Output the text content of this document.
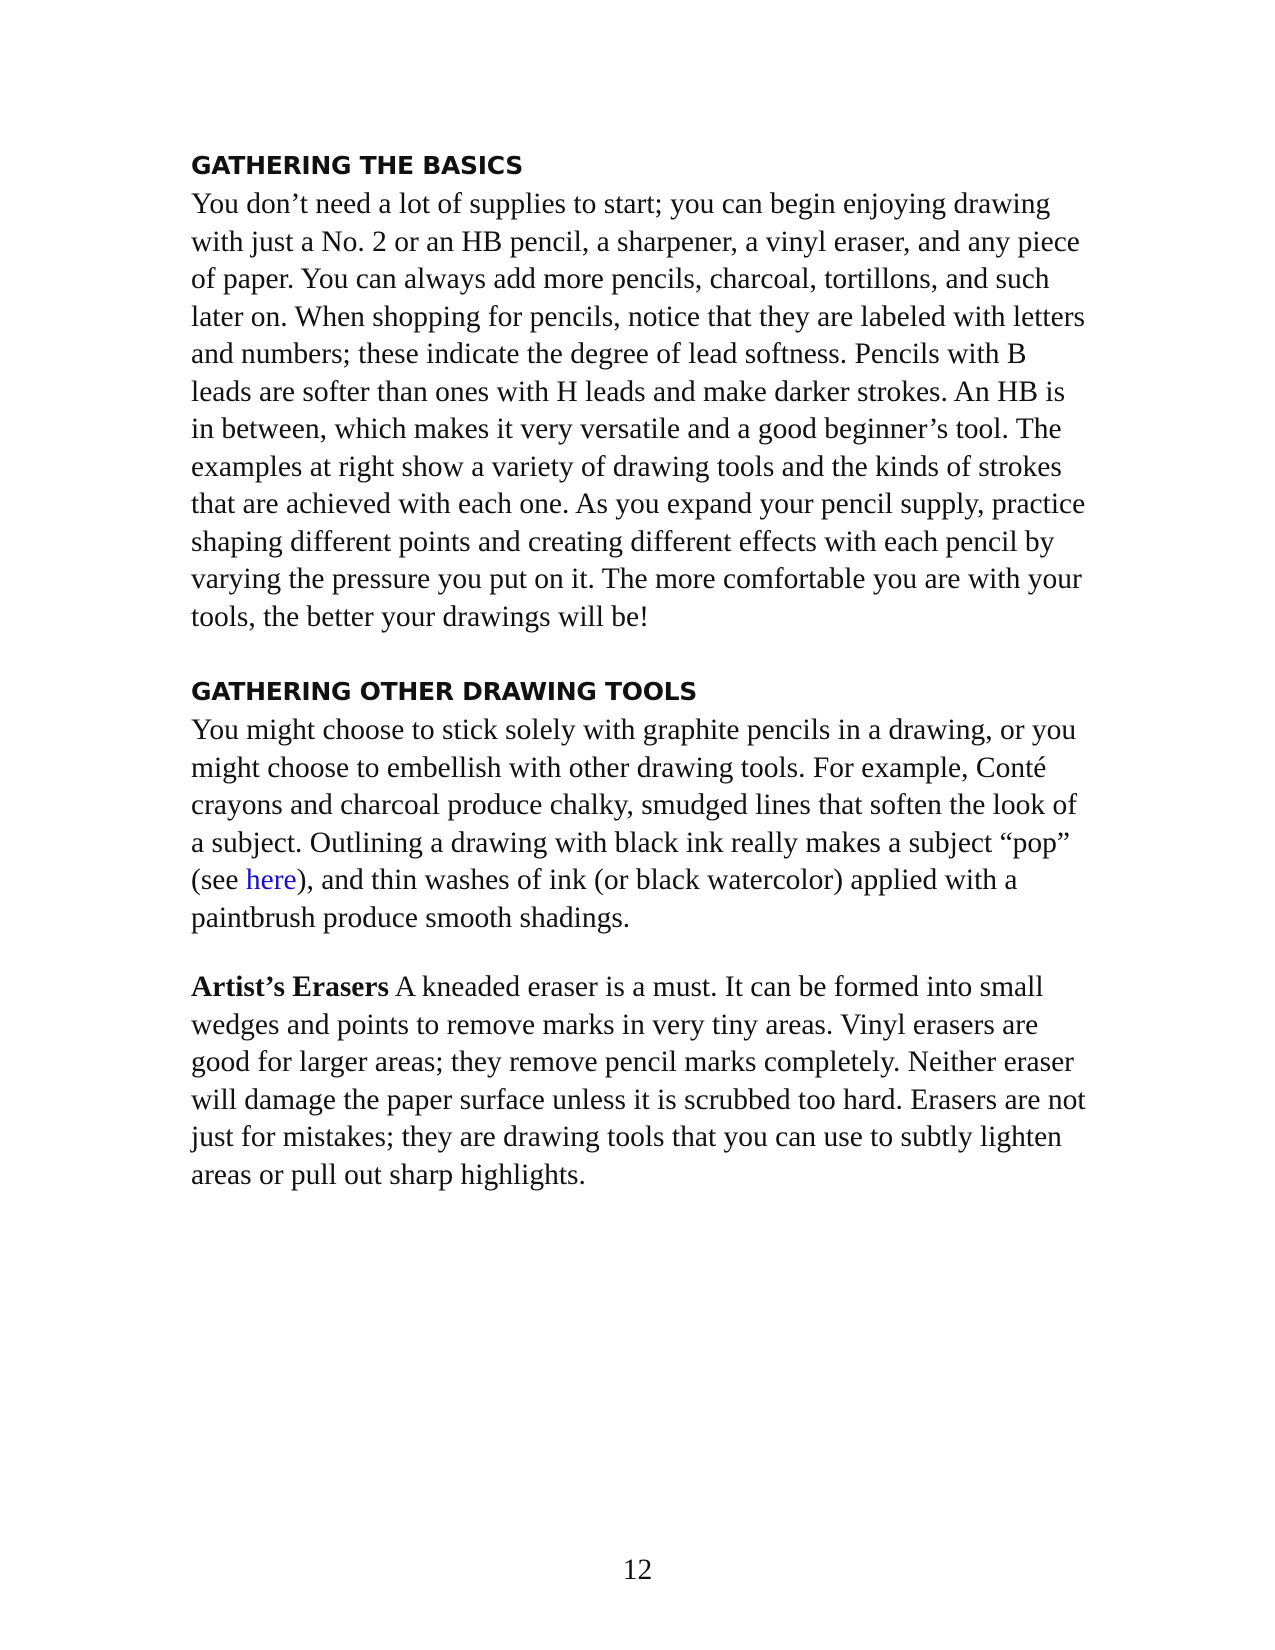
GATHERING THE BASICS

You don’t need a lot of supplies to start; you can begin enjoying drawing with just a No. 2 or an HB pencil, a sharpener, a vinyl eraser, and any piece of paper. You can always add more pencils, charcoal, tortillons, and such later on. When shopping for pencils, notice that they are labeled with letters and numbers; these indicate the degree of lead softness. Pencils with B leads are softer than ones with H leads and make darker strokes. An HB is in between, which makes it very versatile and a good beginner’s tool. The examples at right show a variety of drawing tools and the kinds of strokes that are achieved with each one. As you expand your pencil supply, practice shaping different points and creating different effects with each pencil by varying the pressure you put on it. The more comfortable you are with your tools, the better your drawings will be!

GATHERING OTHER DRAWING TOOLS

You might choose to stick solely with graphite pencils in a drawing, or you might choose to embellish with other drawing tools. For example, Conté crayons and charcoal produce chalky, smudged lines that soften the look of a subject. Outlining a drawing with black ink really makes a subject “pop” (see here), and thin washes of ink (or black watercolor) applied with a paintbrush produce smooth shadings.

Artist’s Erasers A kneaded eraser is a must. It can be formed into small wedges and points to remove marks in very tiny areas. Vinyl erasers are good for larger areas; they remove pencil marks completely. Neither eraser will damage the paper surface unless it is scrubbed too hard. Erasers are not just for mistakes; they are drawing tools that you can use to subtly lighten areas or pull out sharp highlights.

12
